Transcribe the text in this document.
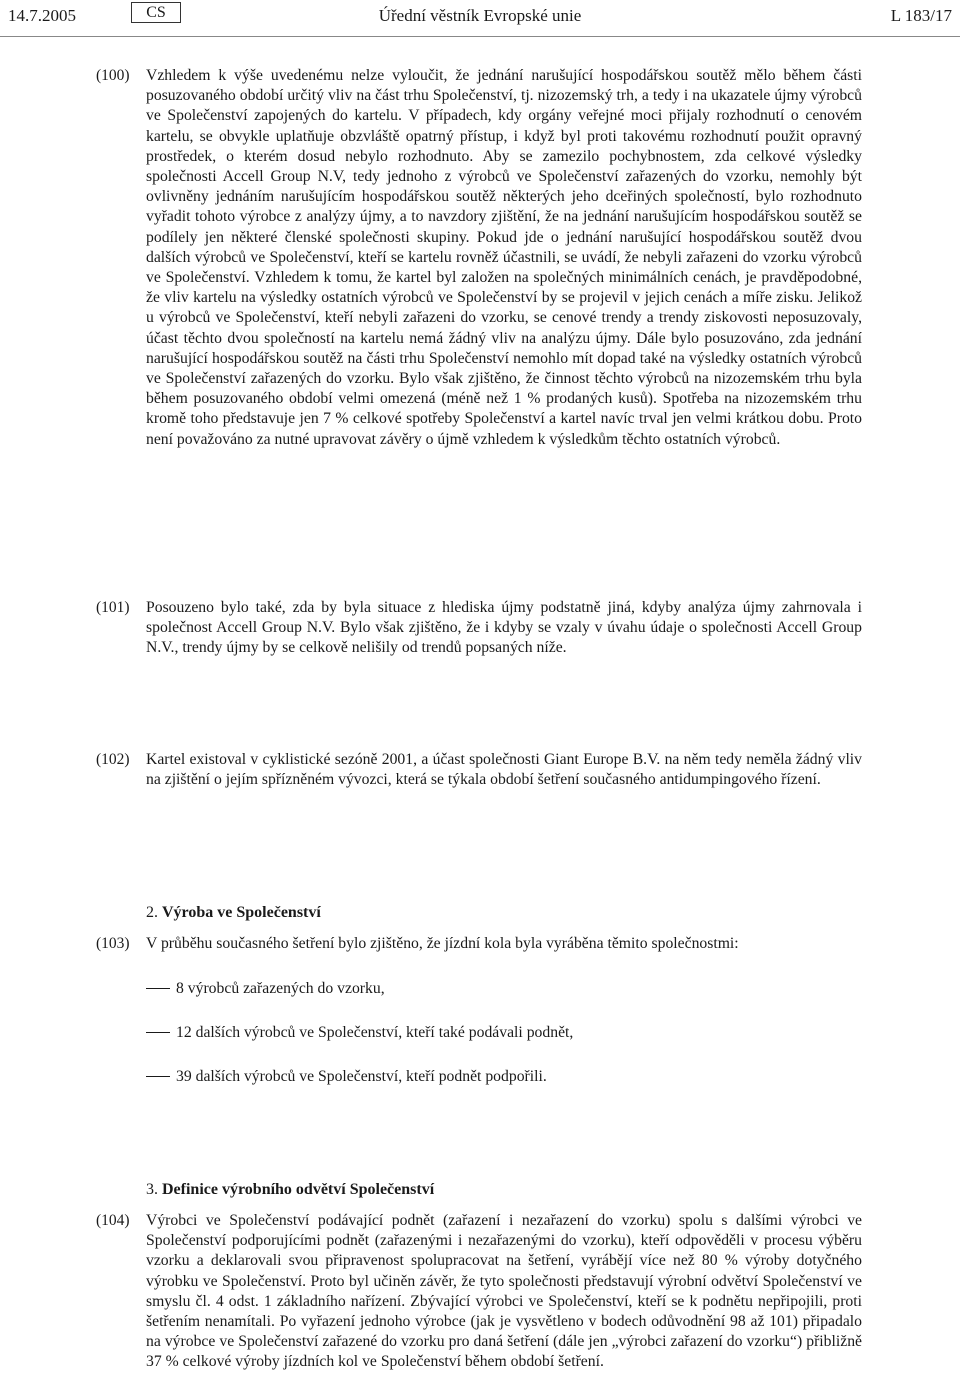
14.7.2005	CS	Úřední věstník Evropské unie	L 183/17
(100) Vzhledem k výše uvedenému nelze vyloučit, že jednání narušující hospodářskou soutěž mělo během části posuzovaného období určitý vliv na část trhu Společenství, tj. nizozemský trh, a tedy i na ukazatele újmy výrobců ve Společenství zapojených do kartelu. V případech, kdy orgány veřejné moci přijaly rozhodnutí o cenovém kartelu, se obvykle uplatňuje obzvláště opatrný přístup, i když byl proti takovému rozhodnutí použit opravný prostředek, o kterém dosud nebylo rozhodnuto. Aby se zamezilo pochybnostem, zda celkové výsledky společnosti Accell Group N.V, tedy jednoho z výrobců ve Společenství zařazených do vzorku, nemohly být ovlivněny jednáním narušujícím hospodářskou soutěž některých jeho dceřiných společností, bylo rozhodnuto vyřadit tohoto výrobce z analýzy újmy, a to navzdory zjištění, že na jednání narušujícím hospodářskou soutěž se podílely jen některé členské společnosti skupiny. Pokud jde o jednání narušující hospodářskou soutěž dvou dalších výrobců ve Společenství, kteří se kartelu rovněž účastnili, se uvádí, že nebyli zařazeni do vzorku výrobců ve Společenství. Vzhledem k tomu, že kartel byl založen na společných minimálních cenách, je pravděpodobné, že vliv kartelu na výsledky ostatních výrobců ve Společenství by se projevil v jejich cenách a míře zisku. Jelikož u výrobců ve Společenství, kteří nebyli zařazeni do vzorku, se cenové trendy a trendy ziskovosti neposuzovaly, účast těchto dvou společností na kartelu nemá žádný vliv na analýzu újmy. Dále bylo posuzováno, zda jednání narušující hospodářskou soutěž na části trhu Společenství nemohlo mít dopad také na výsledky ostatních výrobců ve Společenství zařazených do vzorku. Bylo však zjištěno, že činnost těchto výrobců na nizozemském trhu byla během posuzovaného období velmi omezená (méně než 1 % prodaných kusů). Spotřeba na nizozemském trhu kromě toho představuje jen 7 % celkové spotřeby Společenství a kartel navíc trval jen velmi krátkou dobu. Proto není považováno za nutné upravovat závěry o újmě vzhledem k výsledkům těchto ostatních výrobců.

(101) Posouzeno bylo také, zda by byla situace z hlediska újmy podstatně jiná, kdyby analýza újmy zahrnovala i společnost Accell Group N.V. Bylo však zjištěno, že i kdyby se vzaly v úvahu údaje o společnosti Accell Group N.V., trendy újmy by se celkově nelišily od trendů popsaných níže.

(102) Kartel existoval v cyklistické sezóně 2001, a účast společnosti Giant Europe B.V. na něm tedy neměla žádný vliv na zjištění o jejím spřízněném vývozci, která se týkala období šetření současného antidumpingového řízení.

2. Výroba ve Společenství
(103) V průběhu současného šetření bylo zjištěno, že jízdní kola byla vyráběna těmito společnostmi:

8 výrobců zařazených do vzorku,
12 dalších výrobců ve Společenství, kteří také podávali podnět,
39 dalších výrobců ve Společenství, kteří podnět podpořili.
3. Definice výrobního odvětví Společenství
(104) Výrobci ve Společenství podávající podnět (zařazení i nezařazení do vzorku) spolu s dalšími výrobci ve Společenství podporujícími podnět (zařazenými i nezařazenými do vzorku), kteří odpověděli v procesu výběru vzorku a deklarovali svou připravenost spolupracovat na šetření, vyrábějí více než 80 % výroby dotyčného výrobku ve Společenství. Proto byl učiněn závěr, že tyto společnosti představují výrobní odvětví Společenství ve smyslu čl. 4 odst. 1 základního nařízení. Zbývající výrobci ve Společenství, kteří se k podnětu nepřipojili, proti šetřením nenamítali. Po vyřazení jednoho výrobce (jak je vysvětleno v bodech odůvodnění 98 až 101) připadalo na výrobce ve Společenství zařazené do vzorku pro daná šetření (dále jen „výrobci zařazení do vzorku“) přibližně 37 % celkové výroby jízdních kol ve Společenství během období šetření.
